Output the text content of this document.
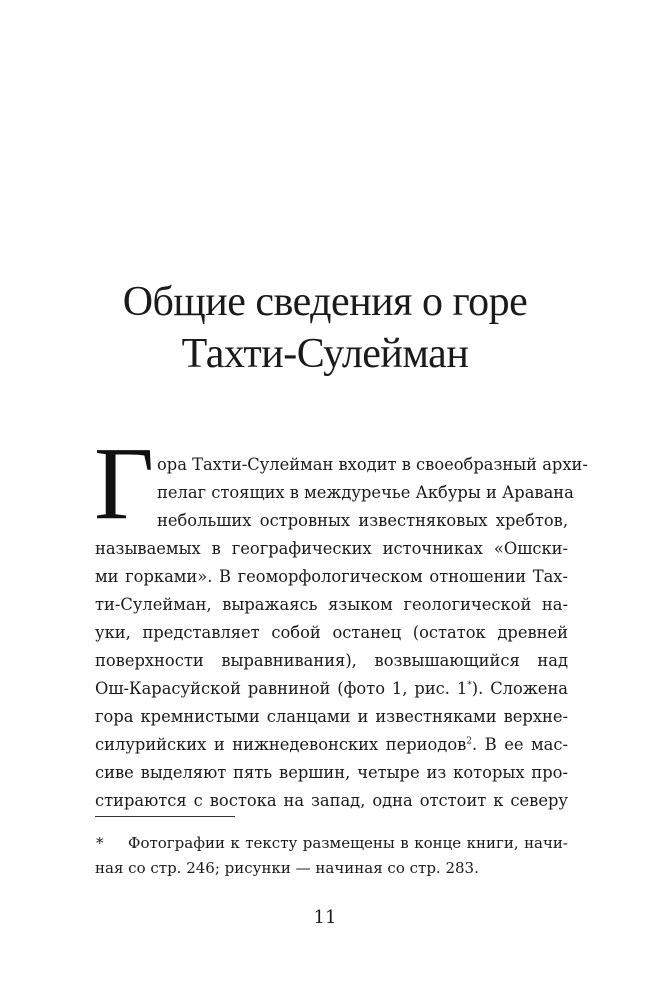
Общие сведения о горе
Тахти-Сулейман
Г ора Тахти-Сулейман входит в своеобразный архи-
пелаг стоящих в междуречье Акбуры и Аравана
небольших островных известняковых хребтов,
называемых в географических источниках «Ошски-
ми горками». В геоморфологическом отношении Тах-
ти-Сулейман, выражаясь языком геологической на-
уки, представляет собой останец (остаток древней
поверхности выравнивания), возвышающийся над
Ош-Карасуйской равниной (фото 1, рис. 1*). Сложена
гора кремнистыми сланцами и известняками верхне-
силурийских и нижнедевонских периодов$^2$. В ее мас-
сиве выделяют пять вершин, четыре из которых про-
стираются с востока на запад, одна отстоит к северу
* Фотографии к тексту размещены в конце книги, начи-
ная со стр. 246; рисунки — начиная со стр. 283.
11
